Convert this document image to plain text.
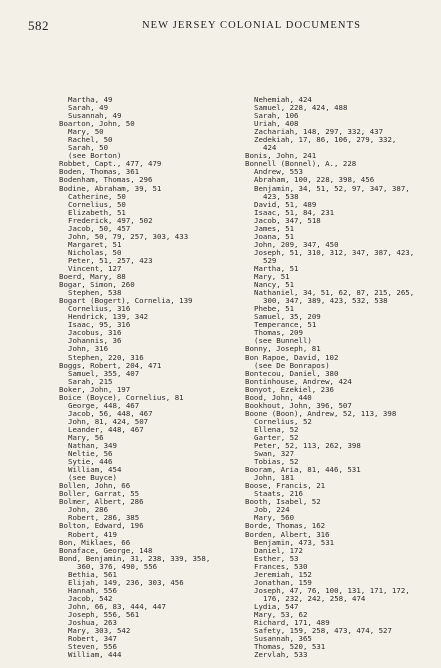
582	NEW JERSEY COLONIAL DOCUMENTS
Martha, 49
Sarah, 49
Susannah, 49
Boarton, John, 50
Mary, 50
Rachel, 50
Sarah, 50
(see Borton)
Robbet, Capt., 477, 479
Boden, Thomas, 361
Bodenham, Thomas, 296
Bodine, Abraham, 39, 51
Catherine, 50
Cornelius, 50
Elizabeth, 51
Frederick, 497, 502
Jacob, 50, 457
John, 50, 79, 257, 303, 433
Margaret, 51
Nicholas, 50
Peter, 51, 257, 423
Vincent, 127
Boerd, Mary, 88
Bogar, Simon, 260
Stephen, 538
Bogart (Bogert), Cornelia, 139
Cornelius, 316
Hendrick, 139, 342
Isaac, 95, 316
Jacobus, 316
Johannis, 36
John, 316
Stephen, 220, 316
Boggs, Robert, 204, 471
Samuel, 355, 407
Sarah, 215
Boker, John, 197
Boice (Boyce), Cornelius, 81
George, 448, 467
Jacob, 56, 448, 467
John, 81, 424, 507
Leander, 448, 467
Mary, 56
Nathan, 349
Neltie, 56
Sytie, 446
William, 454
(see Buyce)
Bollen, John, 66
Boller, Garrat, 55
Bolmer, Albert, 286
John, 286
Robert, 286, 385
Bolton, Edward, 196
Robert, 419
Bon, Miklaes, 66
Bonaface, George, 148
Bond, Benjamin, 31, 238, 339, 358,
360, 376, 490, 556
Bethia, 561
Elijah, 149, 236, 303, 456
Hannah, 556
Jacob, 542
John, 66, 83, 444, 447
Joseph, 556, 561
Joshua, 263
Mary, 303, 542
Robert, 347
Steven, 556
William, 444
Nehemiah, 424
Samuel, 228, 424, 488
Sarah, 106
Uriah, 408
Zachariah, 148, 297, 332, 437
Zedekiah, 17, 86, 106, 279, 332,
424
Bonis, John, 241
Bonnell (Bonnel), A., 228
Andrew, 553
Abraham, 100, 228, 398, 456
Benjamin, 34, 51, 52, 97, 347, 387,
423, 538
David, 51, 489
Isaac, 51, 84, 231
Jacob, 347, 518
James, 51
Joana, 51
John, 209, 347, 450
Joseph, 51, 310, 312, 347, 387, 423,
529
Martha, 51
Mary, 51
Nancy, 51
Nathaniel, 34, 51, 62, 87, 215, 265,
300, 347, 389, 423, 532, 538
Phebe, 51
Samuel, 35, 209
Temperance, 51
Thomas, 209
(see Bunnell)
Bonny, Joseph, 81
Bon Rapoe, David, 102
(see De Bonrapos)
Bontecou, Daniel, 380
Bontinhouse, Andrew, 424
Bonyot, Ezekiel, 236
Bood, John, 440
Bookhout, John, 396, 507
Boone (Boon), Andrew, 52, 113, 398
Cornelius, 52
Ellena, 52
Garter, 52
Peter, 52, 113, 262, 398
Swan, 327
Tobias, 52
Booram, Aria, 81, 446, 531
John, 181
Boose, Francis, 21
Staats, 216
Booth, Isabel, 52
Job, 224
Mary, 560
Borde, Thomas, 162
Borden, Albert, 316
Benjamin, 473, 531
Daniel, 172
Esther, 53
Frances, 530
Jeremiah, 152
Jonathan, 159
Joseph, 47, 76, 100, 131, 171, 172,
176, 232, 242, 258, 474
Lydia, 547
Mary, 53, 62
Richard, 171, 489
Safety, 159, 258, 473, 474, 527
Susannah, 365
Thomas, 520, 531
Zervlah, 533
